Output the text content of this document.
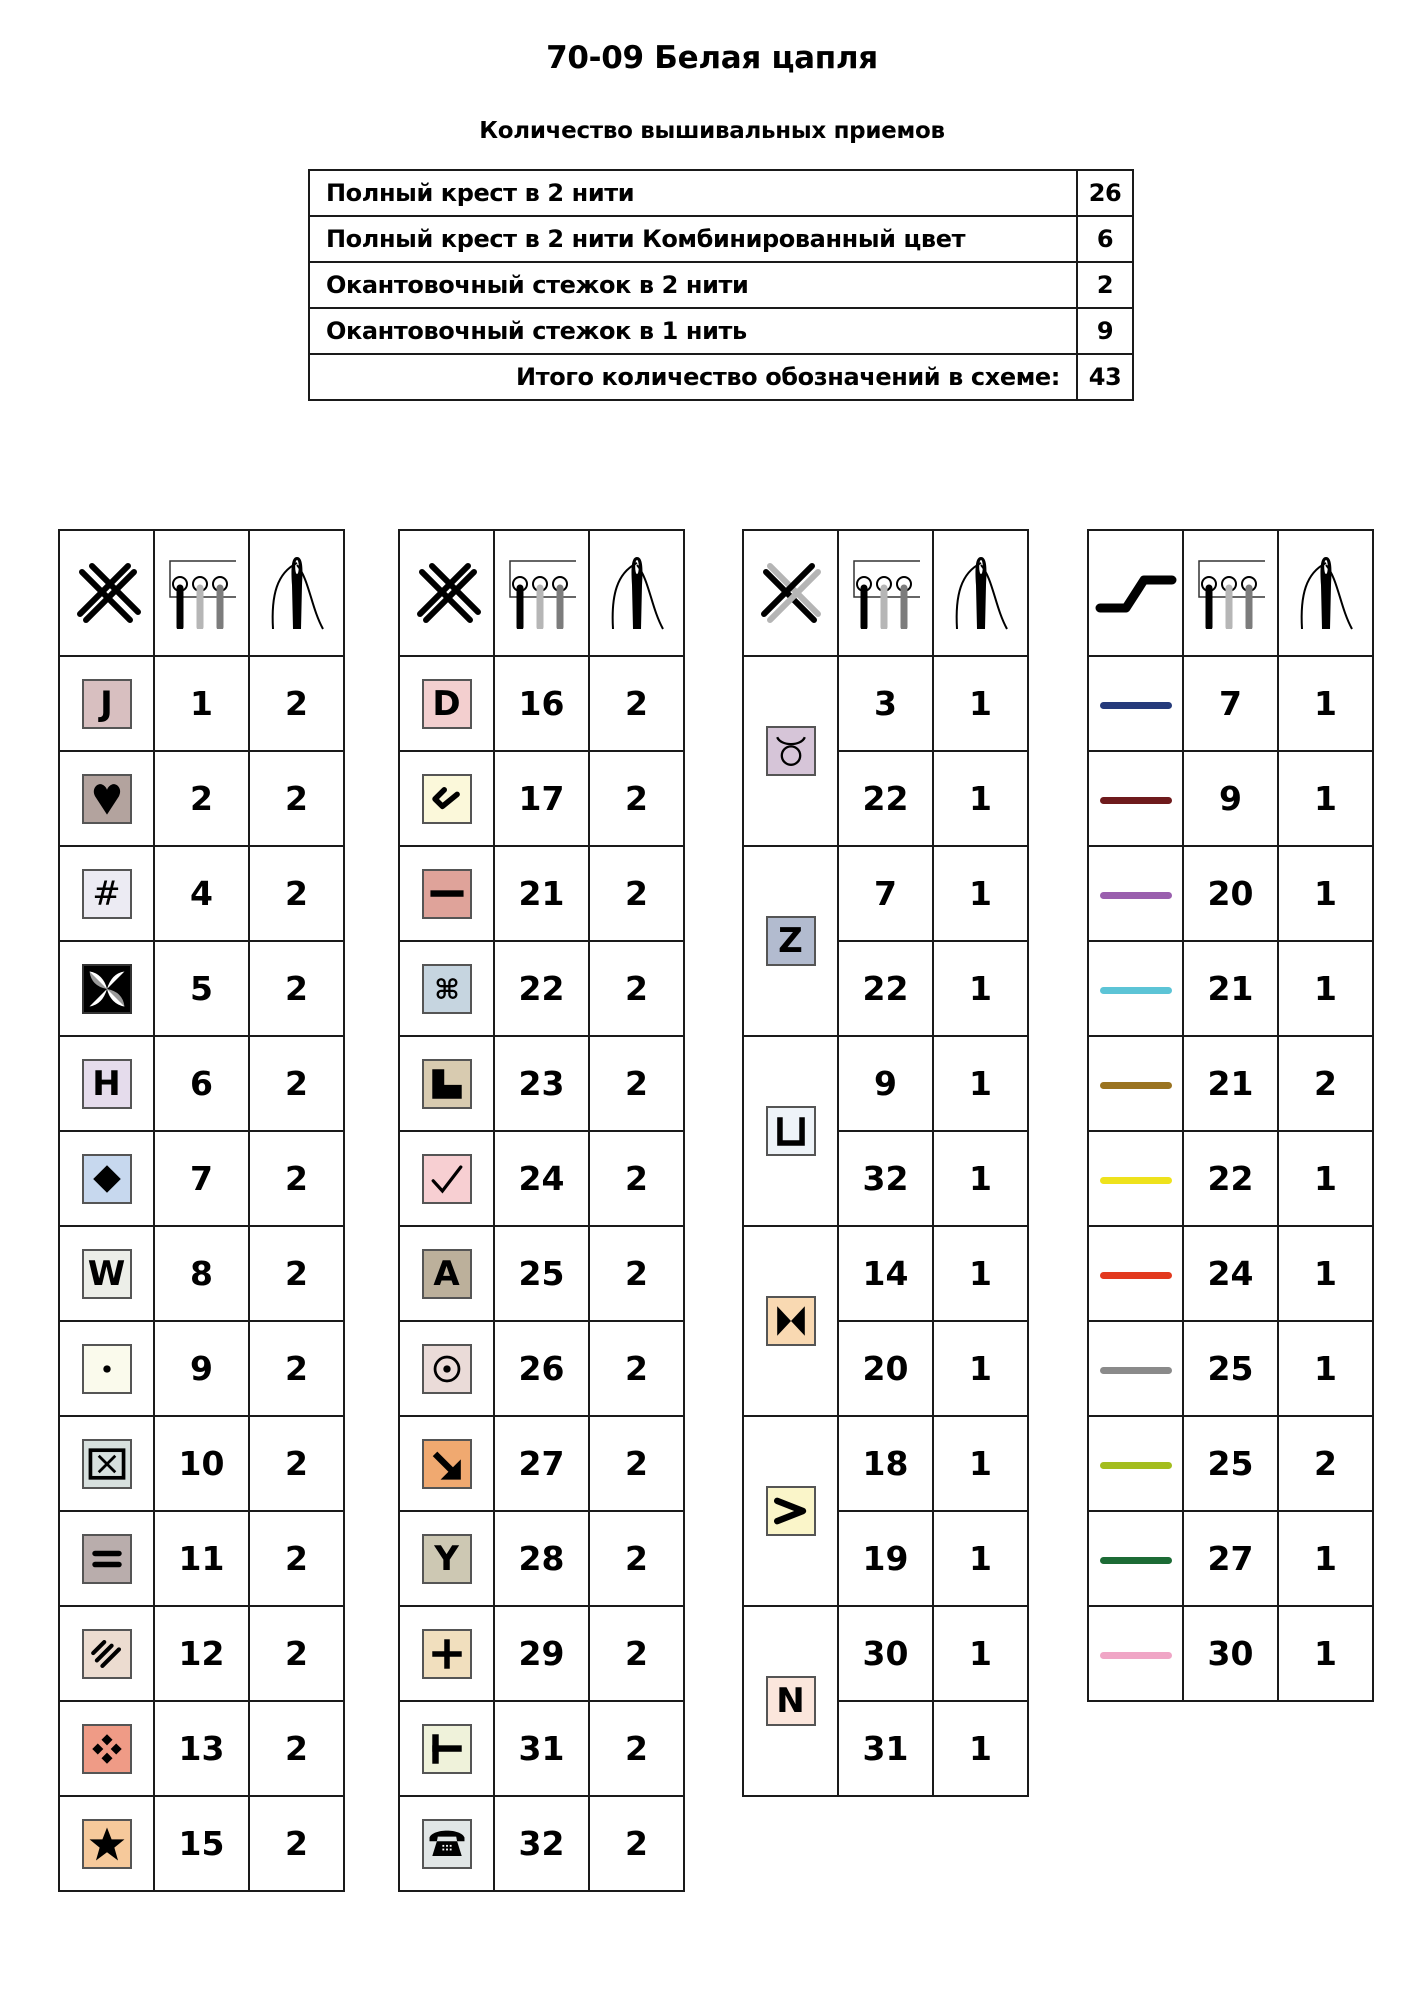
70-09 Белая цапля
Количество вышивальных приемов
Полный крест в 2 нити	26
Полный крест в 2 нити Комбинированный цвет	6
Окантовочный стежок в 2 нити	2
Окантовочный стежок в 1 нить	9
Итого количество обозначений в схеме:	43

J	1	2

	2	2
#	4	2

	5	2
H	6	2

	7	2
W	8	2

	9	2

	10	2

	11	2

	12	2

	13	2

	15	2

D	16	2

	17	2

	21	2

⌘	22	2

	23	2

	24	2
A	25	2

	26	2

	27	2
Y	28	2

	29	2

	31	2

	32	2

	3	1
	22	1
Z	7	1
	22	1

	9	1
	32	1

	14	1
	20	1

	18	1
	19	1
N	30	1
	31	1

	7	1
	9	1
	20	1
	21	1
	21	2
	22	1
	24	1
	25	1
	25	2
	27	1
	30	1
